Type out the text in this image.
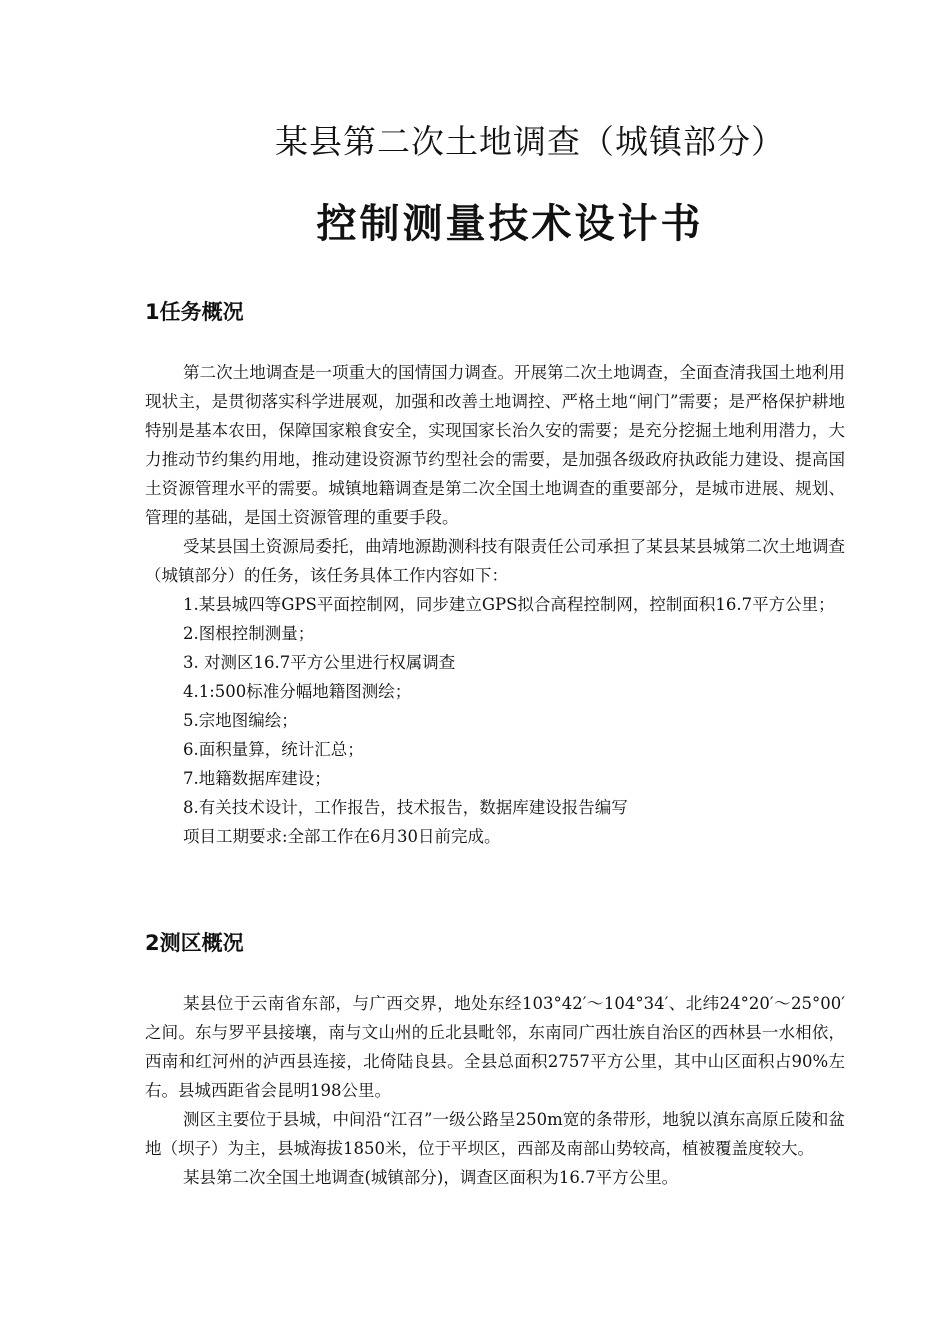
某县第二次土地调查（城镇部分）
控制测量技术设计书
1任务概况

第二次土地调查是一项重大的国情国力调查。开展第二次土地调查，全面查清我国土地利用现状主，是贯彻落实科学进展观，加强和改善土地调控、严格土地“闸门”需要；是严格保护耕地特别是基本农田，保障国家粮食安全，实现国家长治久安的需要；是充分挖掘土地利用潜力，大力推动节约集约用地，推动建设资源节约型社会的需要，是加强各级政府执政能力建设、提高国土资源管理水平的需要。城镇地籍调查是第二次全国土地调查的重要部分，是城市进展、规划、管理的基础，是国土资源管理的重要手段。

受某县国土资源局委托，曲靖地源勘测科技有限责任公司承担了某县某县城第二次土地调查（城镇部分）的任务，该任务具体工作内容如下：

1.某县城四等GPS平面控制网，同步建立GPS拟合高程控制网，控制面积16.7平方公里；

2.图根控制测量；

3. 对测区16.7平方公里进行权属调查

4.1:500标准分幅地籍图测绘；

5.宗地图编绘；

6.面积量算，统计汇总；

7.地籍数据库建设；

8.有关技术设计，工作报告，技术报告，数据库建设报告编写

项目工期要求:全部工作在6月30日前完成。

2测区概况

某县位于云南省东部，与广西交界，地处东经103°42′～104°34′、北纬24°20′～25°00′之间。东与罗平县接壤，南与文山州的丘北县毗邻，东南同广西壮族自治区的西林县一水相依，西南和红河州的泸西县连接，北倚陆良县。全县总面积2757平方公里，其中山区面积占90%左右。县城西距省会昆明198公里。

测区主要位于县城，中间沿“江召”一级公路呈250m宽的条带形，地貌以滇东高原丘陵和盆地（坝子）为主，县城海拔1850米，位于平坝区，西部及南部山势较高，植被覆盖度较大。

某县第二次全国土地调查(城镇部分)，调查区面积为16.7平方公里。
